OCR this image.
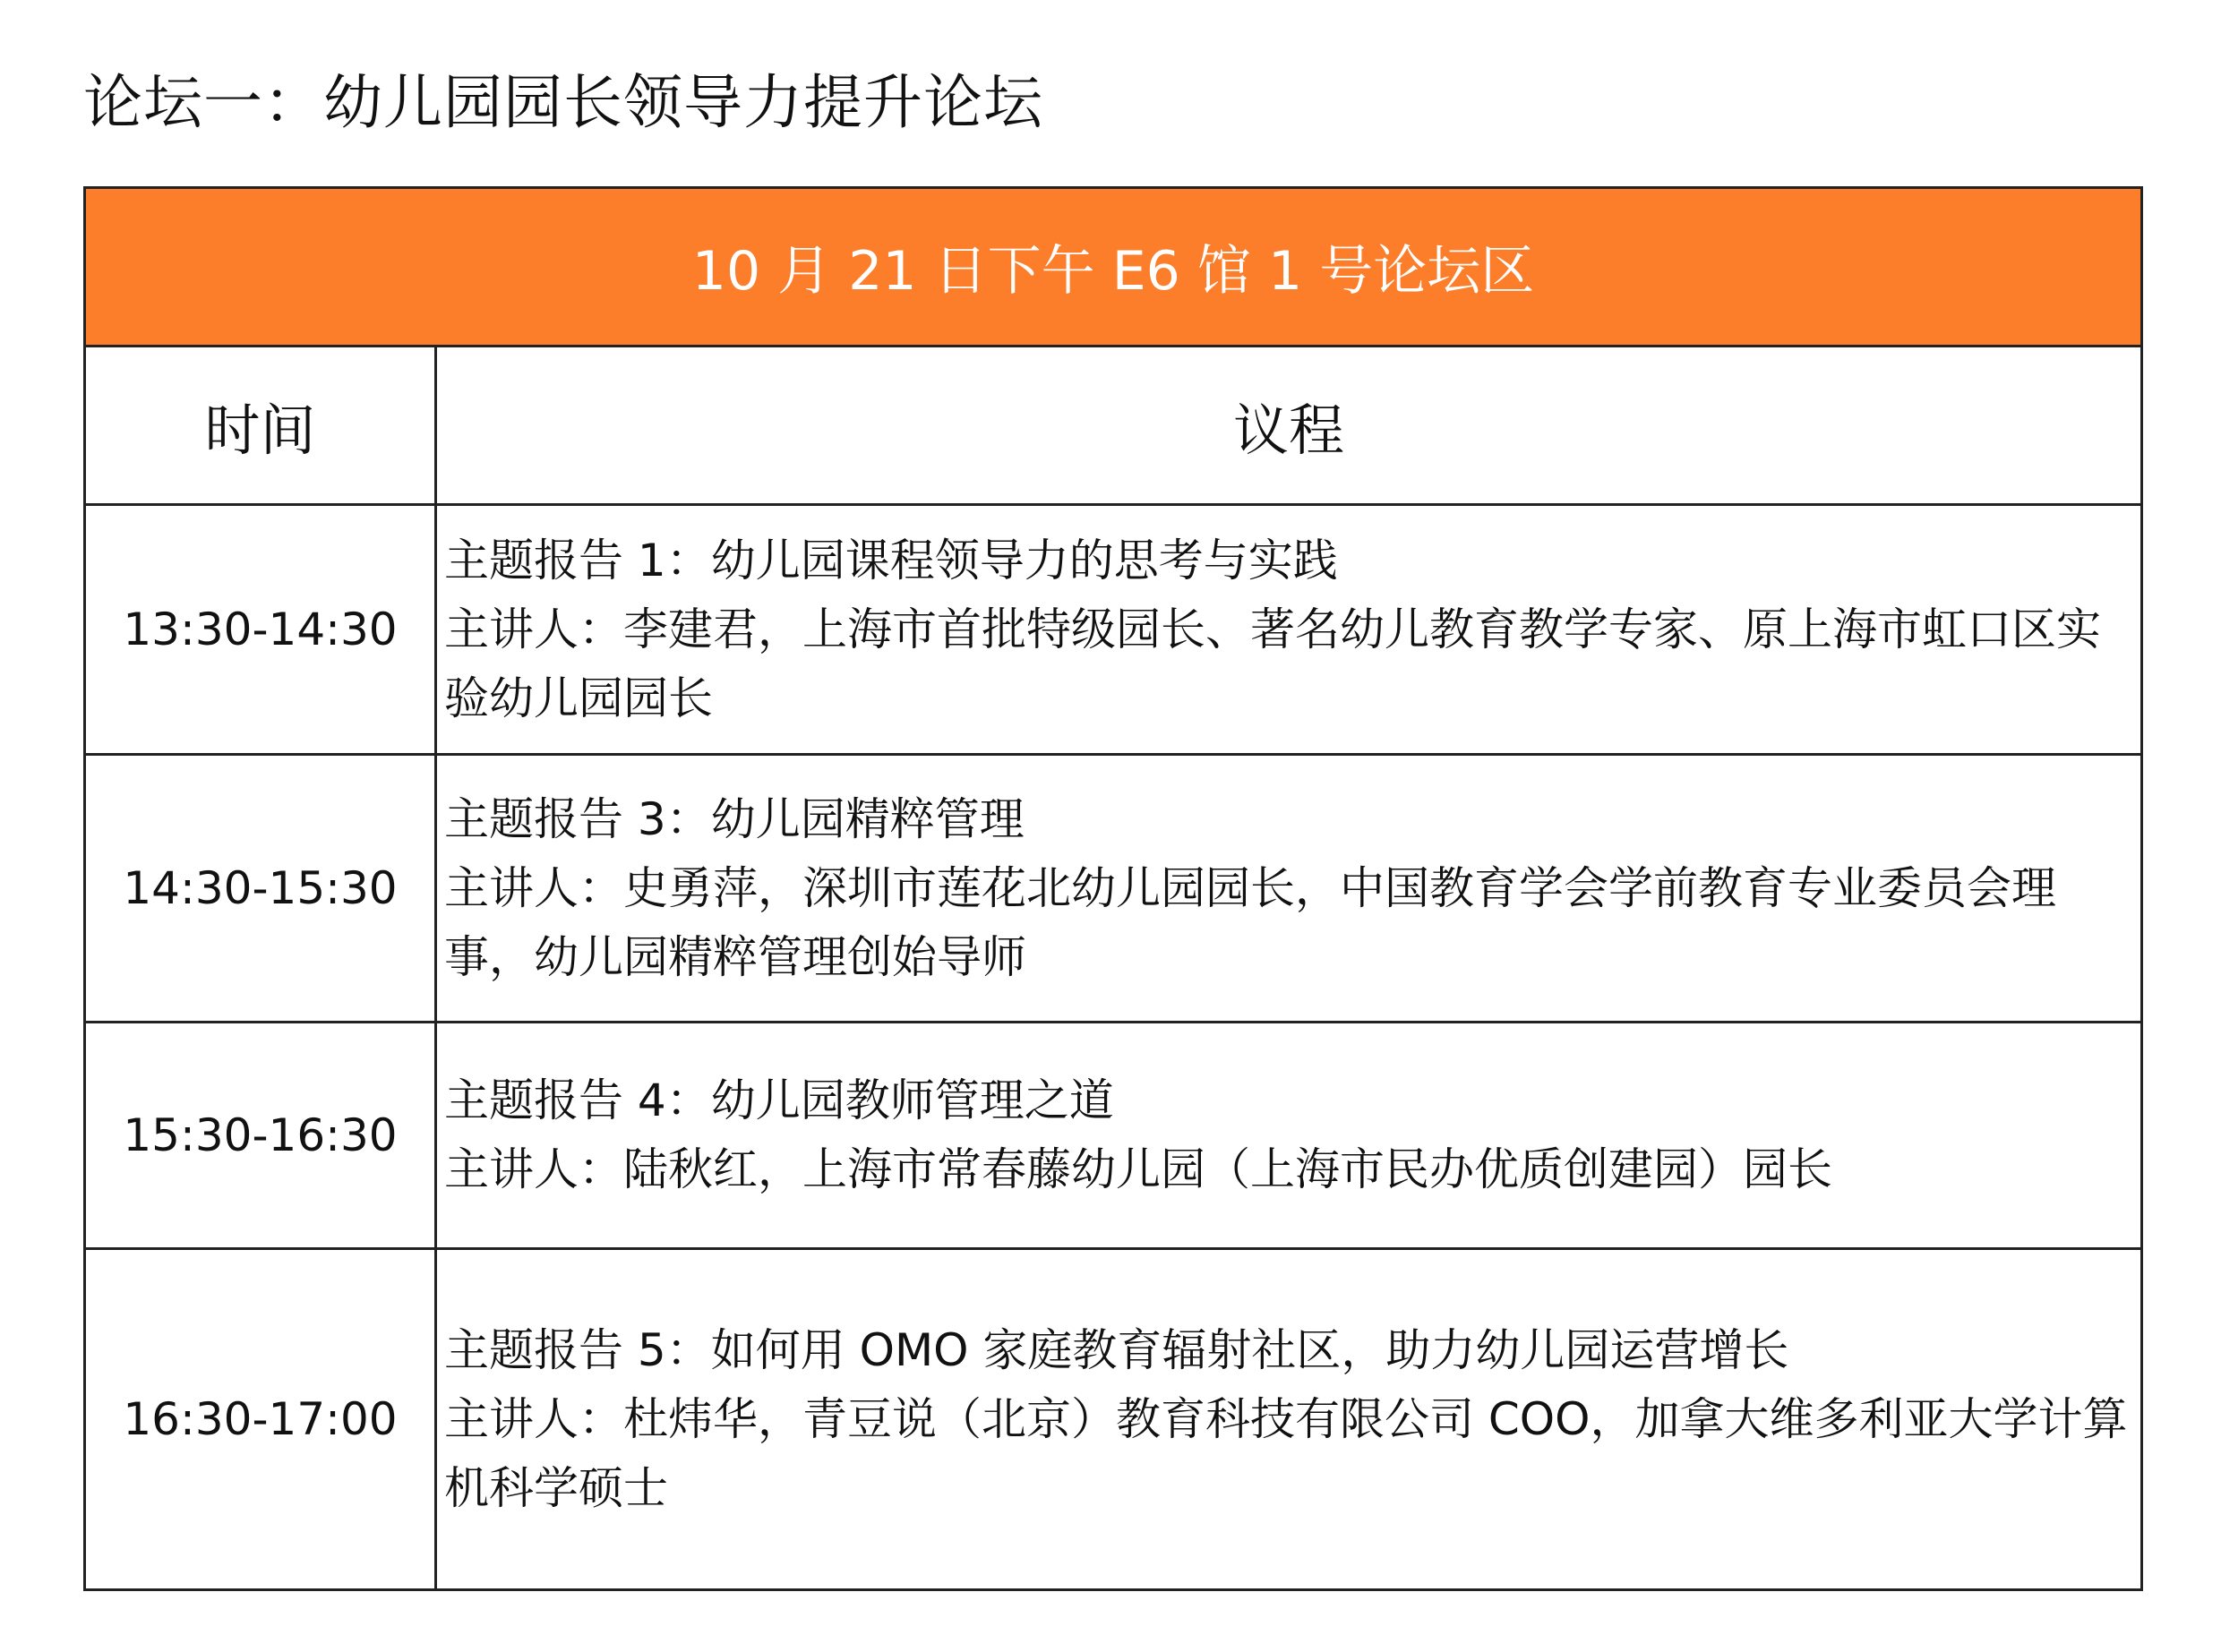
论坛一：幼儿园园长领导力提升论坛
10 月 21 日下午 E6 馆 1 号论坛区	
时间	议程
13:30-14:30	主题报告 1：幼儿园课程领导力的思考与实践
主讲人：李建君，上海市首批特级园长、著名幼儿教育教学专家、原上海市虹口区实验幼儿园园长

14:30-15:30	主题报告 3：幼儿园精粹管理
主讲人：史勇萍，深圳市莲花北幼儿园园长，中国教育学会学前教育专业委员会理事，幼儿园精粹管理创始导师

15:30-16:30	主题报告 4：幼儿园教师管理之道
主讲人：陆秋红，上海市常春藤幼儿园（上海市民办优质创建园）园长

16:30-17:00	主题报告 5：如何用 OMO 家庭教育辐射社区，助力幼儿园运营增长
主讲人：杜炜华，青豆说（北京）教育科技有限公司 COO，加拿大维多利亚大学计算机科学硕士
